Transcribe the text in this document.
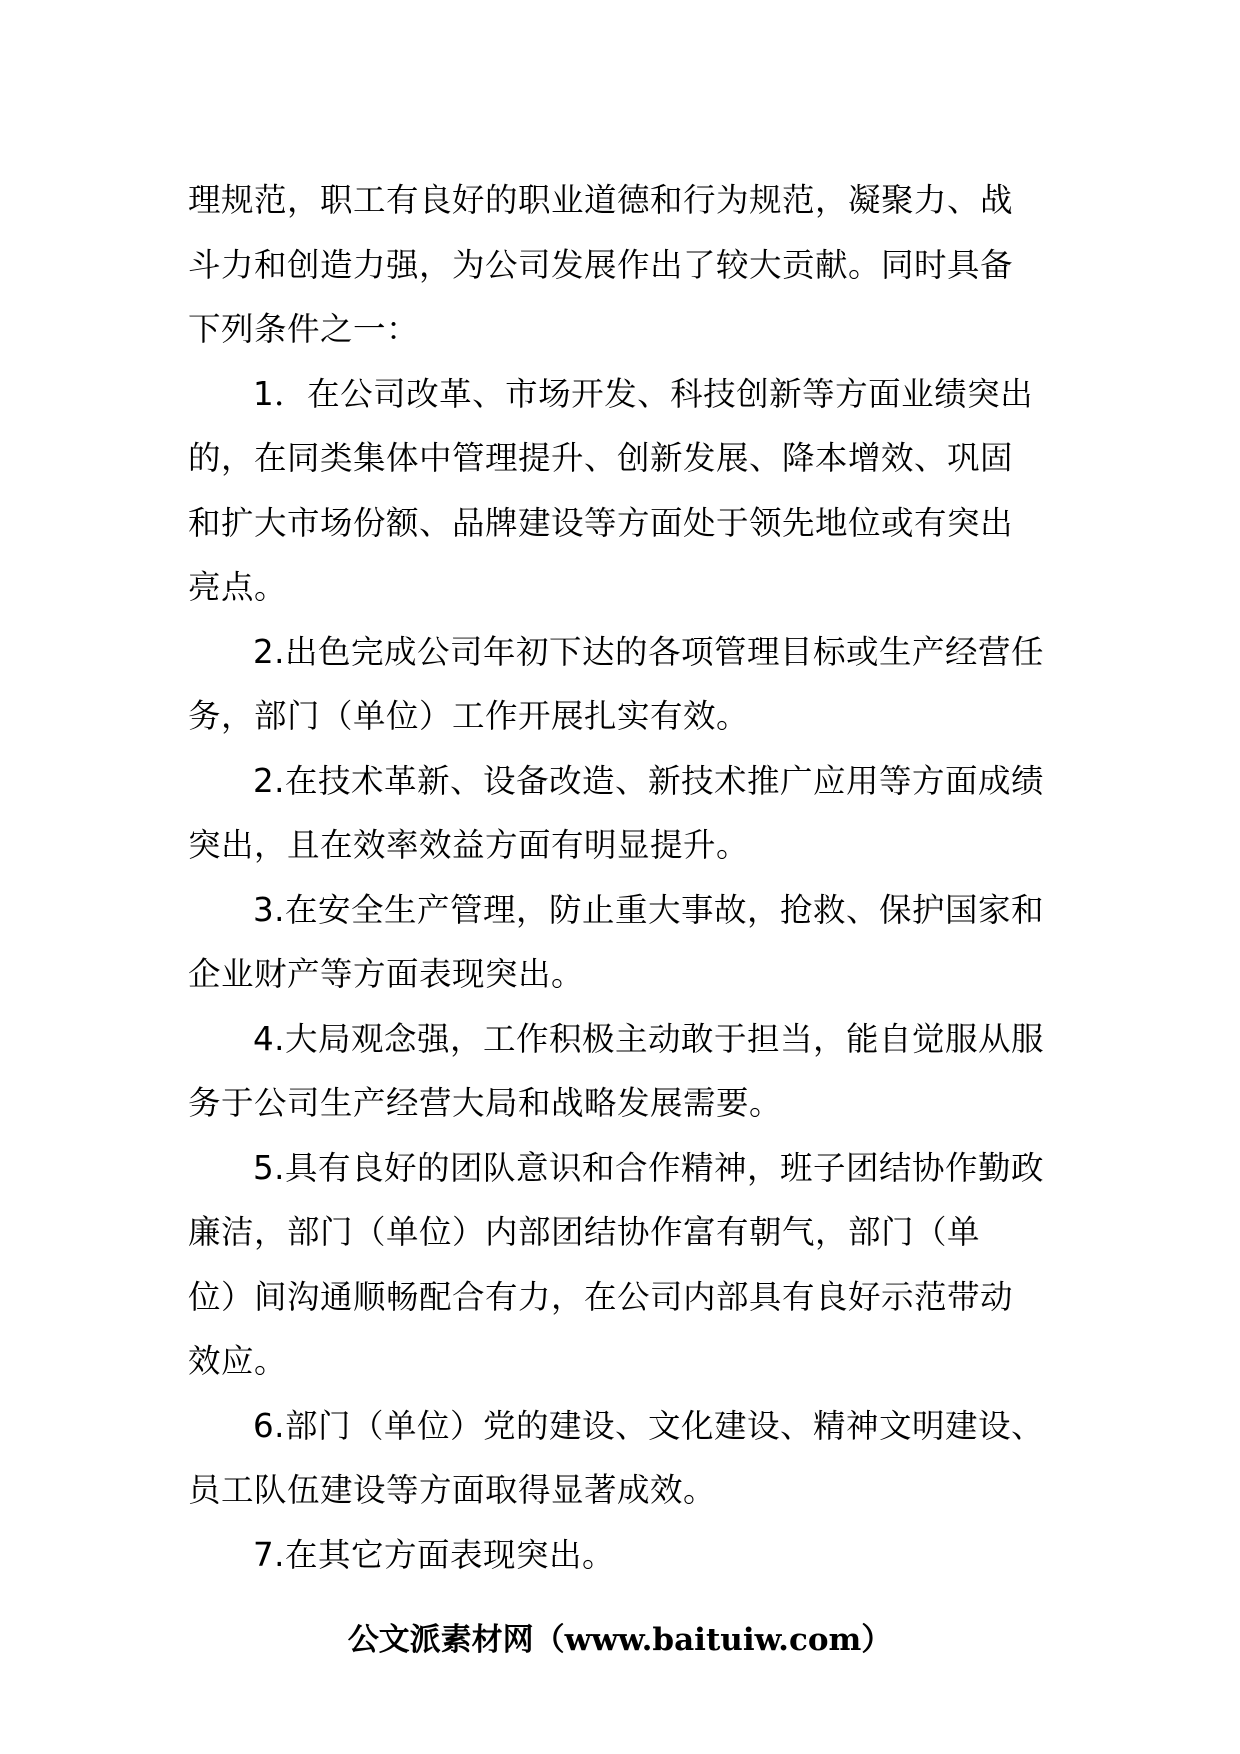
理规范，职工有良好的职业道德和行为规范，凝聚力、战
斗力和创造力强，为公司发展作出了较大贡献。同时具备
下列条件之一：
1．在公司改革、市场开发、科技创新等方面业绩突出
的，在同类集体中管理提升、创新发展、降本增效、巩固
和扩大市场份额、品牌建设等方面处于领先地位或有突出
亮点。
2.出色完成公司年初下达的各项管理目标或生产经营任
务，部门（单位）工作开展扎实有效。
2.在技术革新、设备改造、新技术推广应用等方面成绩
突出，且在效率效益方面有明显提升。
3.在安全生产管理，防止重大事故，抢救、保护国家和
企业财产等方面表现突出。
4.大局观念强，工作积极主动敢于担当，能自觉服从服
务于公司生产经营大局和战略发展需要。
5.具有良好的团队意识和合作精神，班子团结协作勤政
廉洁，部门（单位）内部团结协作富有朝气，部门（单
位）间沟通顺畅配合有力，在公司内部具有良好示范带动
效应。
6.部门（单位）党的建设、文化建设、精神文明建设、
员工队伍建设等方面取得显著成效。
7.在其它方面表现突出。
公文派素材网（www.baituiw.com）
